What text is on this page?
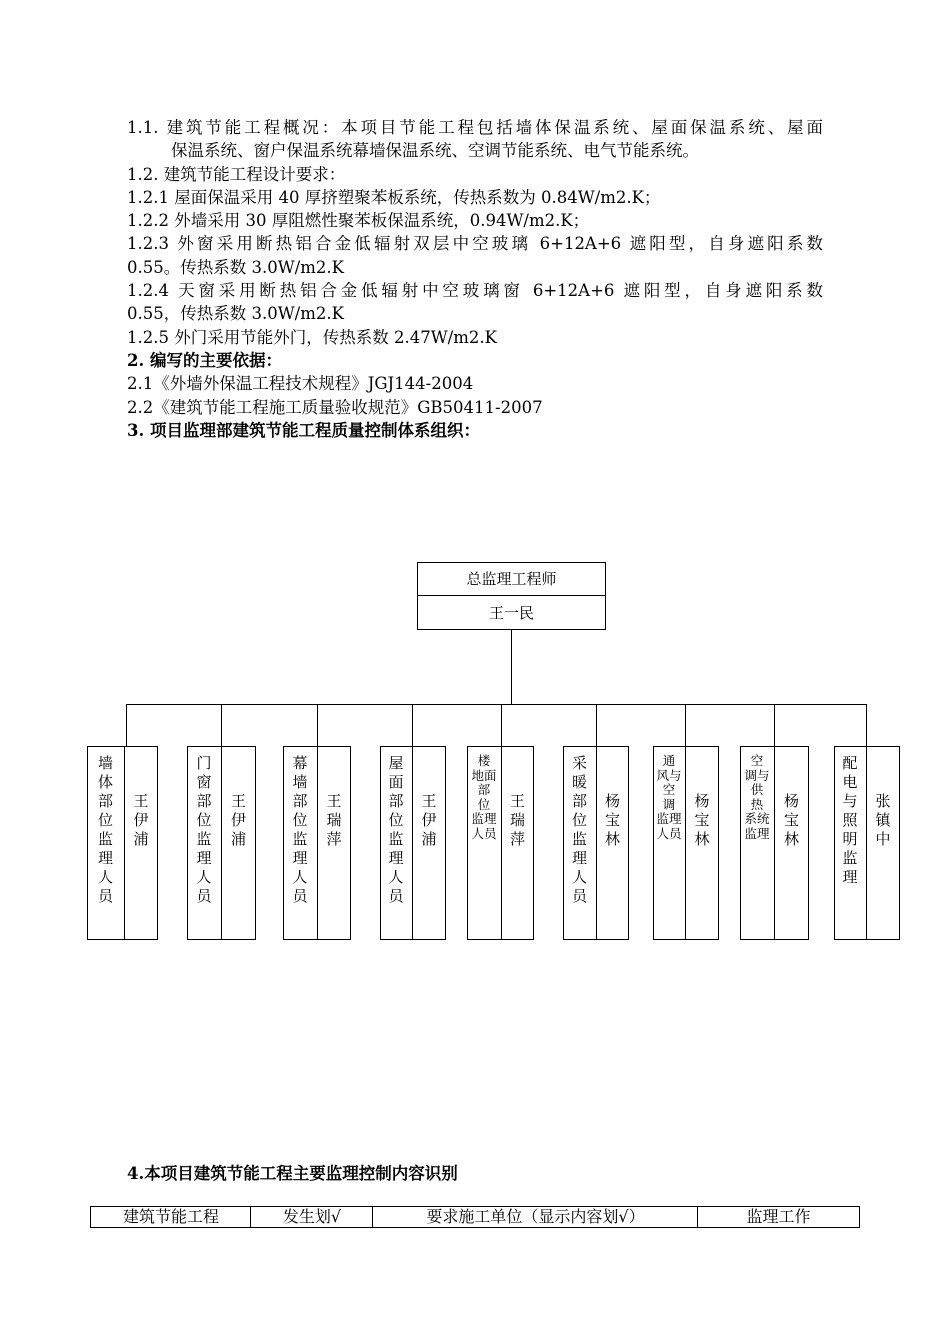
1.1. 建筑节能工程概况：本项目节能工程包括墙体保温系统、屋面保温系统、屋面
保温系统、窗户保温系统幕墙保温系统、空调节能系统、电气节能系统。
1.2. 建筑节能工程设计要求：
1.2.1 屋面保温采用 40 厚挤塑聚苯板系统，传热系数为 0.84W/m2.K；
1.2.2 外墙采用 30 厚阻燃性聚苯板保温系统，0.94W/m2.K；
1.2.3 外窗采用断热铝合金低辐射双层中空玻璃 6+12A+6 遮阳型，自身遮阳系数
0.55。传热系数 3.0W/m2.K
1.2.4 天窗采用断热铝合金低辐射中空玻璃窗 6+12A+6 遮阳型，自身遮阳系数
0.55，传热系数 3.0W/m2.K
1.2.5 外门采用节能外门，传热系数 2.47W/m2.K
2. 编写的主要依据：
2.1《外墙外保温工程技术规程》JGJ144-2004
2.2《建筑节能工程施工质量验收规范》GB50411-2007
3. 项目监理部建筑节能工程质量控制体系组织：
总监理工程师
王一民
墙
体
部
位
监
理
人
员
王
伊
浦
门
窗
部
位
监
理
人
员
王
伊
浦
幕
墙
部
位
监
理
人
员
王
瑞
萍
屋
面
部
位
监
理
人
员
王
伊
浦
楼
地面
部
位
监理
人员
王
瑞
萍
采
暖
部
位
监
理
人
员
杨
宝
林
通
风与
空
调
监理
人员
杨
宝
林
空
调与
供
热
系统
监理
杨
宝
林
配
电
与
照
明
监
理
张
镇
中
4.本项目建筑节能工程主要监理控制内容识别
建筑节能工程	发生划√	要求施工单位（显示内容划√）	监理工作
